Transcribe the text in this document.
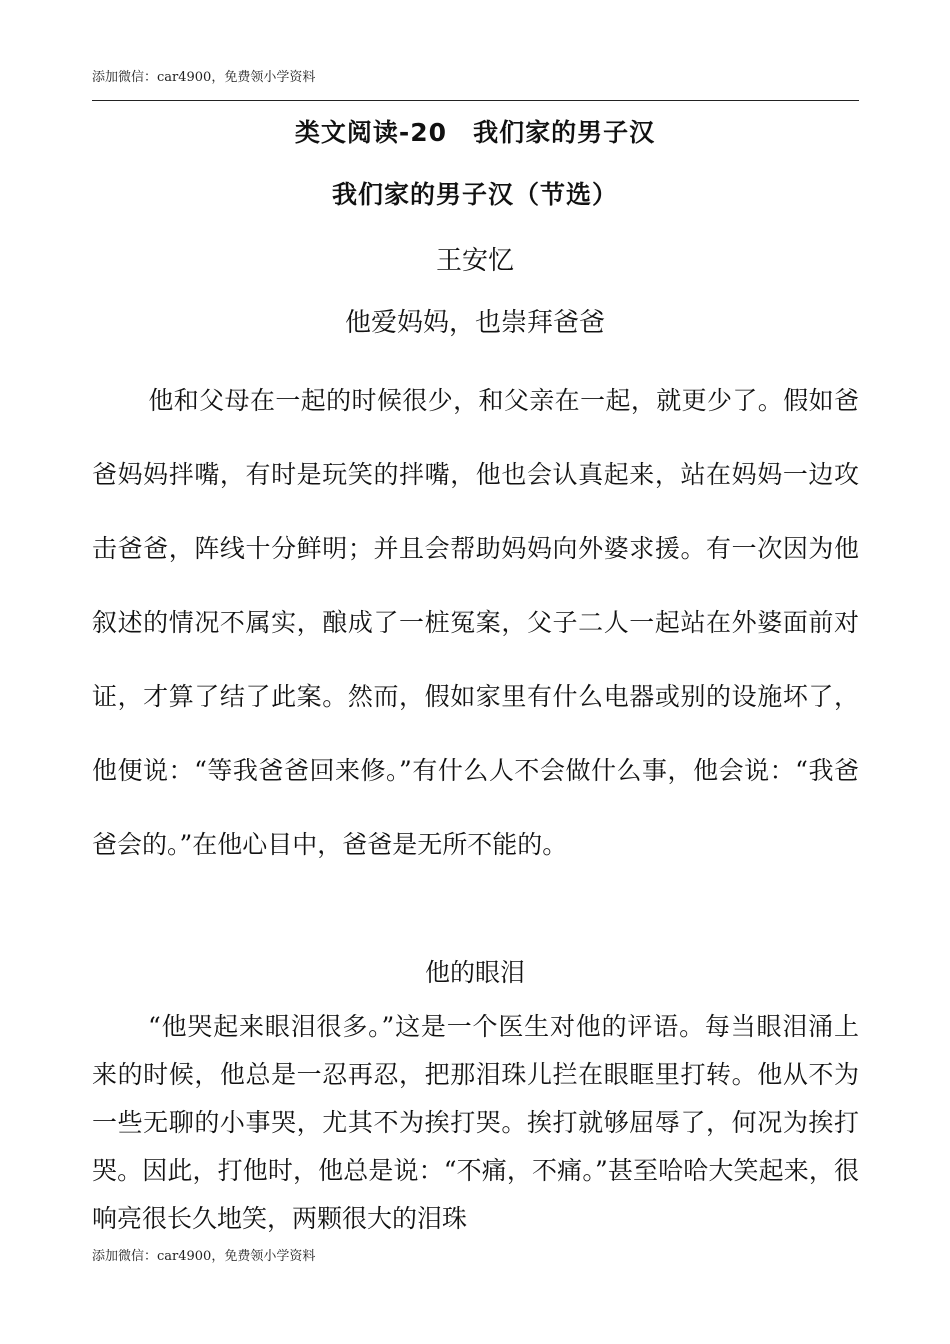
添加微信：car4900，免费领小学资料
类文阅读-20　我们家的男子汉
我们家的男子汉（节选）
王安忆
他爱妈妈，也崇拜爸爸

他和父母在一起的时候很少，和父亲在一起，就更少了。假如爸爸妈妈拌嘴，有时是玩笑的拌嘴，他也会认真起来，站在妈妈一边攻击爸爸，阵线十分鲜明；并且会帮助妈妈向外婆求援。有一次因为他叙述的情况不属实，酿成了一桩冤案，父子二人一起站在外婆面前对证，才算了结了此案。然而，假如家里有什么电器或别的设施坏了，他便说：“等我爸爸回来修。”有什么人不会做什么事，他会说：“我爸爸会的。”在他心目中，爸爸是无所不能的。

他的眼泪

“他哭起来眼泪很多。”这是一个医生对他的评语。每当眼泪涌上来的时候，他总是一忍再忍，把那泪珠儿拦在眼眶里打转。他从不为一些无聊的小事哭，尤其不为挨打哭。挨打就够屈辱了，何况为挨打哭。因此，打他时，他总是说：“不痛，不痛。”甚至哈哈大笑起来，很响亮很长久地笑，两颗很大的泪珠

添加微信：car4900，免费领小学资料
